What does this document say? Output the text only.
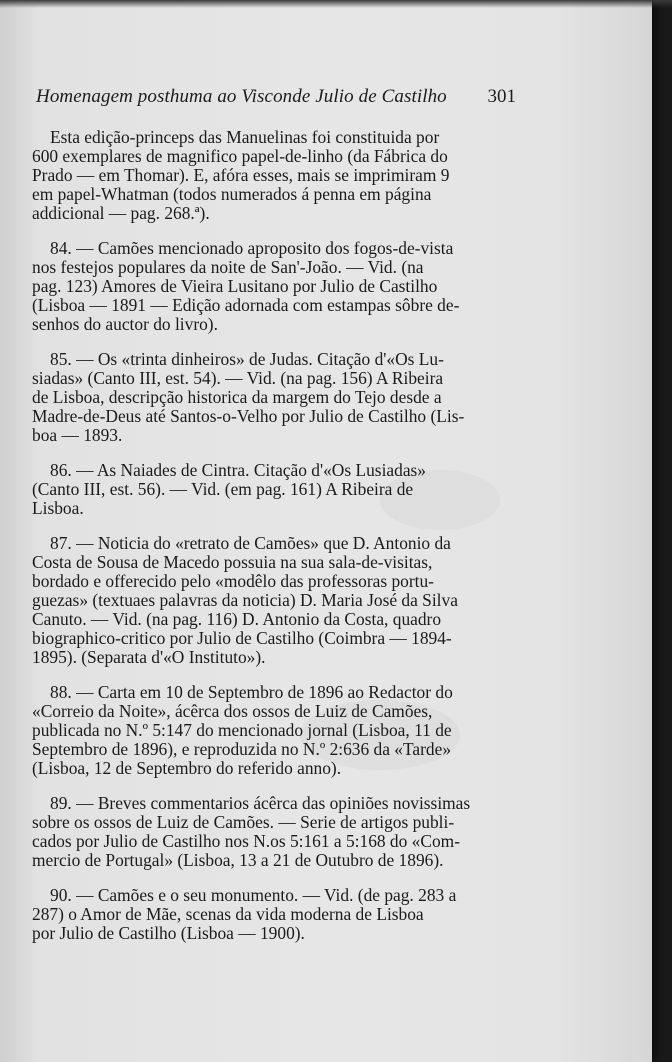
Homenagem posthuma ao Visconde Julio de Castilho 301

Esta edição-princeps das Manuelinas foi constituida por
600 exemplares de magnifico papel-de-linho (da Fábrica do
Prado — em Thomar). E, afóra esses, mais se imprimiram 9
em papel-Whatman (todos numerados á penna em página
addicional — pag. 268.ª).

84. — Camões mencionado aproposito dos fogos-de-vista
nos festejos populares da noite de San'-João. — Vid. (na
pag. 123) Amores de Vieira Lusitano por Julio de Castilho
(Lisboa — 1891 — Edição adornada com estampas sôbre de-
senhos do auctor do livro).

85. — Os «trinta dinheiros» de Judas. Citação d'«Os Lu-
siadas» (Canto III, est. 54). — Vid. (na pag. 156) A Ribeira
de Lisboa, descripção historica da margem do Tejo desde a
Madre-de-Deus até Santos-o-Velho por Julio de Castilho (Lis-
boa — 1893.

86. — As Naiades de Cintra. Citação d'«Os Lusiadas»
(Canto III, est. 56). — Vid. (em pag. 161) A Ribeira de
Lisboa.

87. — Noticia do «retrato de Camões» que D. Antonio da
Costa de Sousa de Macedo possuia na sua sala-de-visitas,
bordado e offerecido pelo «modêlo das professoras portu-
guezas» (textuaes palavras da noticia) D. Maria José da Silva
Canuto. — Vid. (na pag. 116) D. Antonio da Costa, quadro
biographico-critico por Julio de Castilho (Coimbra — 1894-
1895). (Separata d'«O Instituto»).

88. — Carta em 10 de Septembro de 1896 ao Redactor do
«Correio da Noite», ácêrca dos ossos de Luiz de Camões,
publicada no N.º 5:147 do mencionado jornal (Lisboa, 11 de
Septembro de 1896), e reproduzida no N.º 2:636 da «Tarde»
(Lisboa, 12 de Septembro do referido anno).

89. — Breves commentarios ácêrca das opiniões novissimas
sobre os ossos de Luiz de Camões. — Serie de artigos publi-
cados por Julio de Castilho nos N.os 5:161 a 5:168 do «Com-
mercio de Portugal» (Lisboa, 13 a 21 de Outubro de 1896).

90. — Camões e o seu monumento. — Vid. (de pag. 283 a
287) o Amor de Mãe, scenas da vida moderna de Lisboa
por Julio de Castilho (Lisboa — 1900).
